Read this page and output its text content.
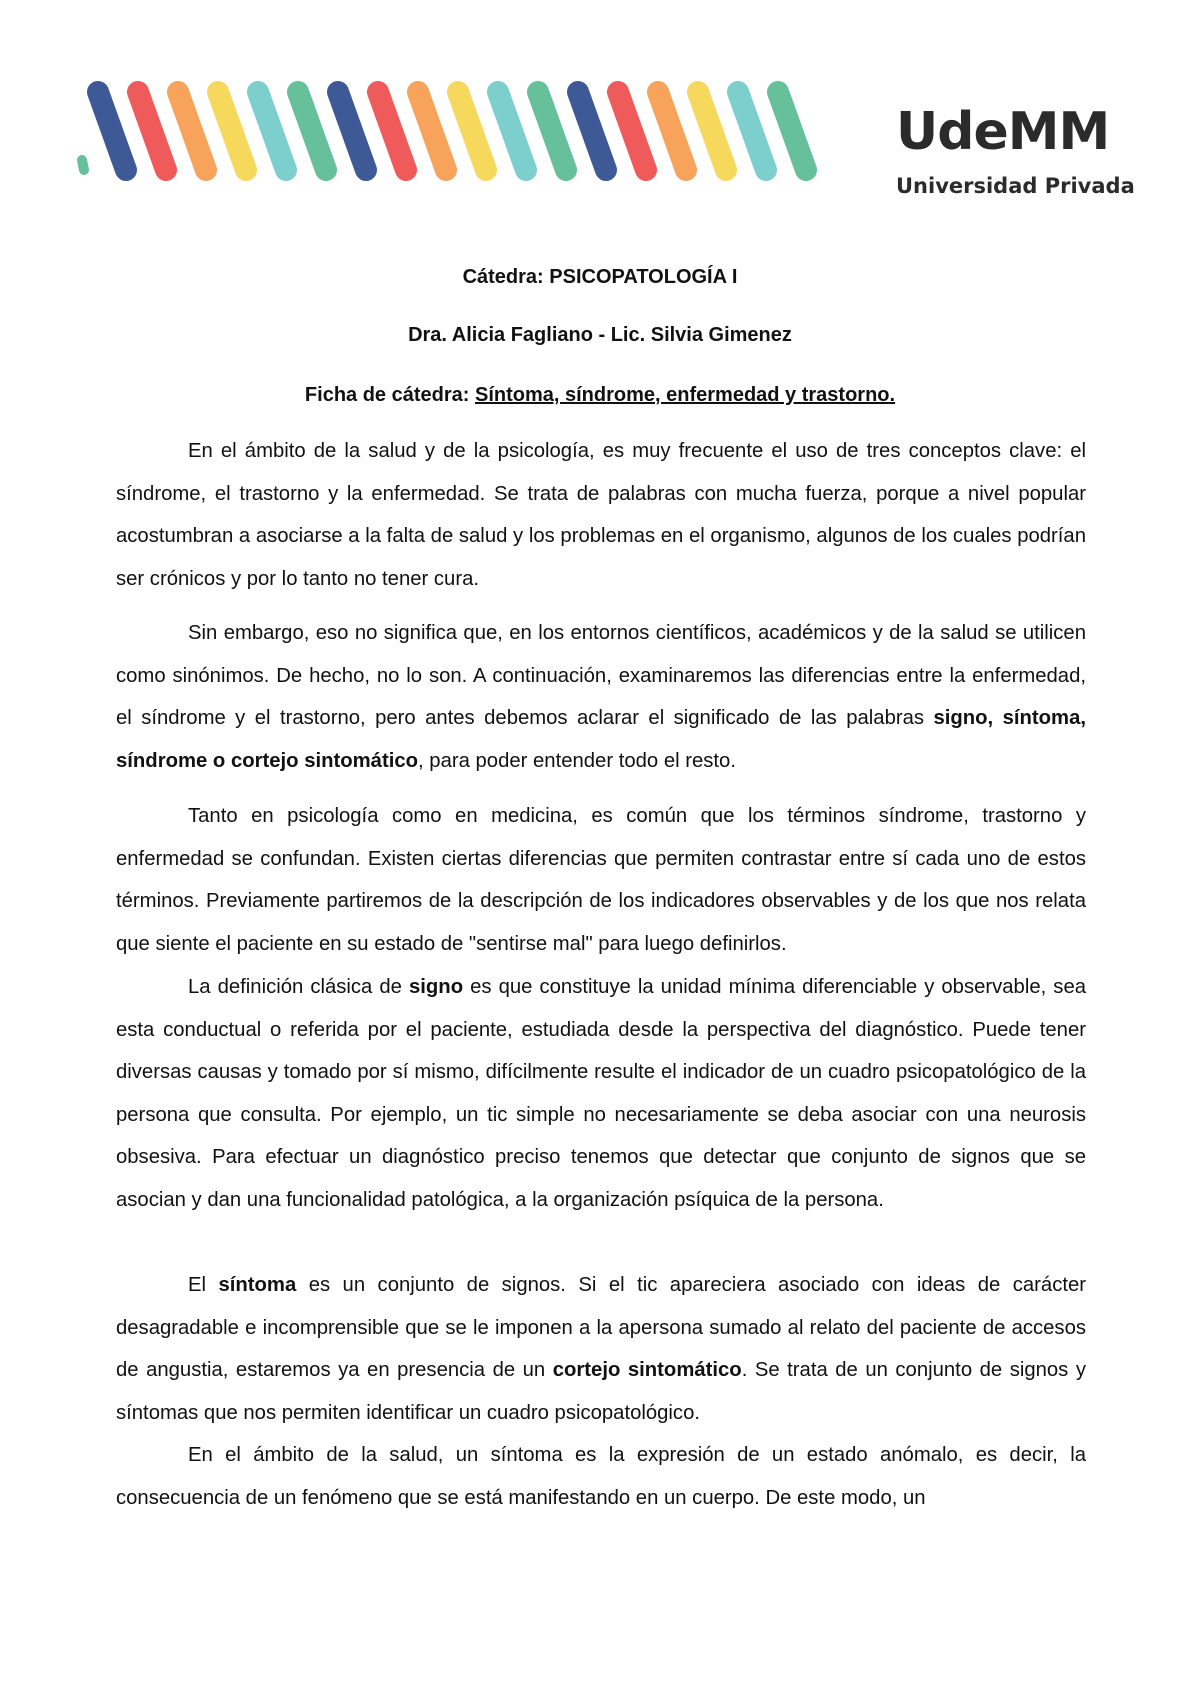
UdeMM
Universidad Privada

Cátedra: PSICOPATOLOGÍA I

Dra. Alicia Fagliano - Lic. Silvia Gimenez

Ficha de cátedra: Síntoma, síndrome, enfermedad y trastorno.

En el ámbito de la salud y de la psicología, es muy frecuente el uso de tres conceptos clave: el síndrome, el trastorno y la enfermedad. Se trata de palabras con mucha fuerza, porque a nivel popular acostumbran a asociarse a la falta de salud y los problemas en el organismo, algunos de los cuales podrían ser crónicos y por lo tanto no tener cura.

Sin embargo, eso no significa que, en los entornos científicos, académicos y de la salud se utilicen como sinónimos. De hecho, no lo son. A continuación, examinaremos las diferencias entre la enfermedad, el síndrome y el trastorno, pero antes debemos aclarar el significado de las palabras signo, síntoma, síndrome o cortejo sintomático, para poder entender todo el resto.

Tanto en psicología como en medicina, es común que los términos síndrome, trastorno y enfermedad se confundan. Existen ciertas diferencias que permiten contrastar entre sí cada uno de estos términos. Previamente partiremos de la descripción de los indicadores observables y de los que nos relata que siente el paciente en su estado de "sentirse mal" para luego definirlos.

La definición clásica de signo es que constituye la unidad mínima diferenciable y observable, sea esta conductual o referida por el paciente, estudiada desde la perspectiva del diagnóstico. Puede tener diversas causas y tomado por sí mismo, difícilmente resulte el indicador de un cuadro psicopatológico de la persona que consulta. Por ejemplo, un tic simple no necesariamente se deba asociar con una neurosis obsesiva. Para efectuar un diagnóstico preciso tenemos que detectar que conjunto de signos que se asocian y dan una funcionalidad patológica, a la organización psíquica de la persona.

El síntoma es un conjunto de signos. Si el tic apareciera asociado con ideas de carácter desagradable e incomprensible que se le imponen a la apersona sumado al relato del paciente de accesos de angustia, estaremos ya en presencia de un cortejo sintomático. Se trata de un conjunto de signos y síntomas que nos permiten identificar un cuadro psicopatológico.

En el ámbito de la salud, un síntoma es la expresión de un estado anómalo, es decir, la consecuencia de un fenómeno que se está manifestando en un cuerpo. De este modo, un
